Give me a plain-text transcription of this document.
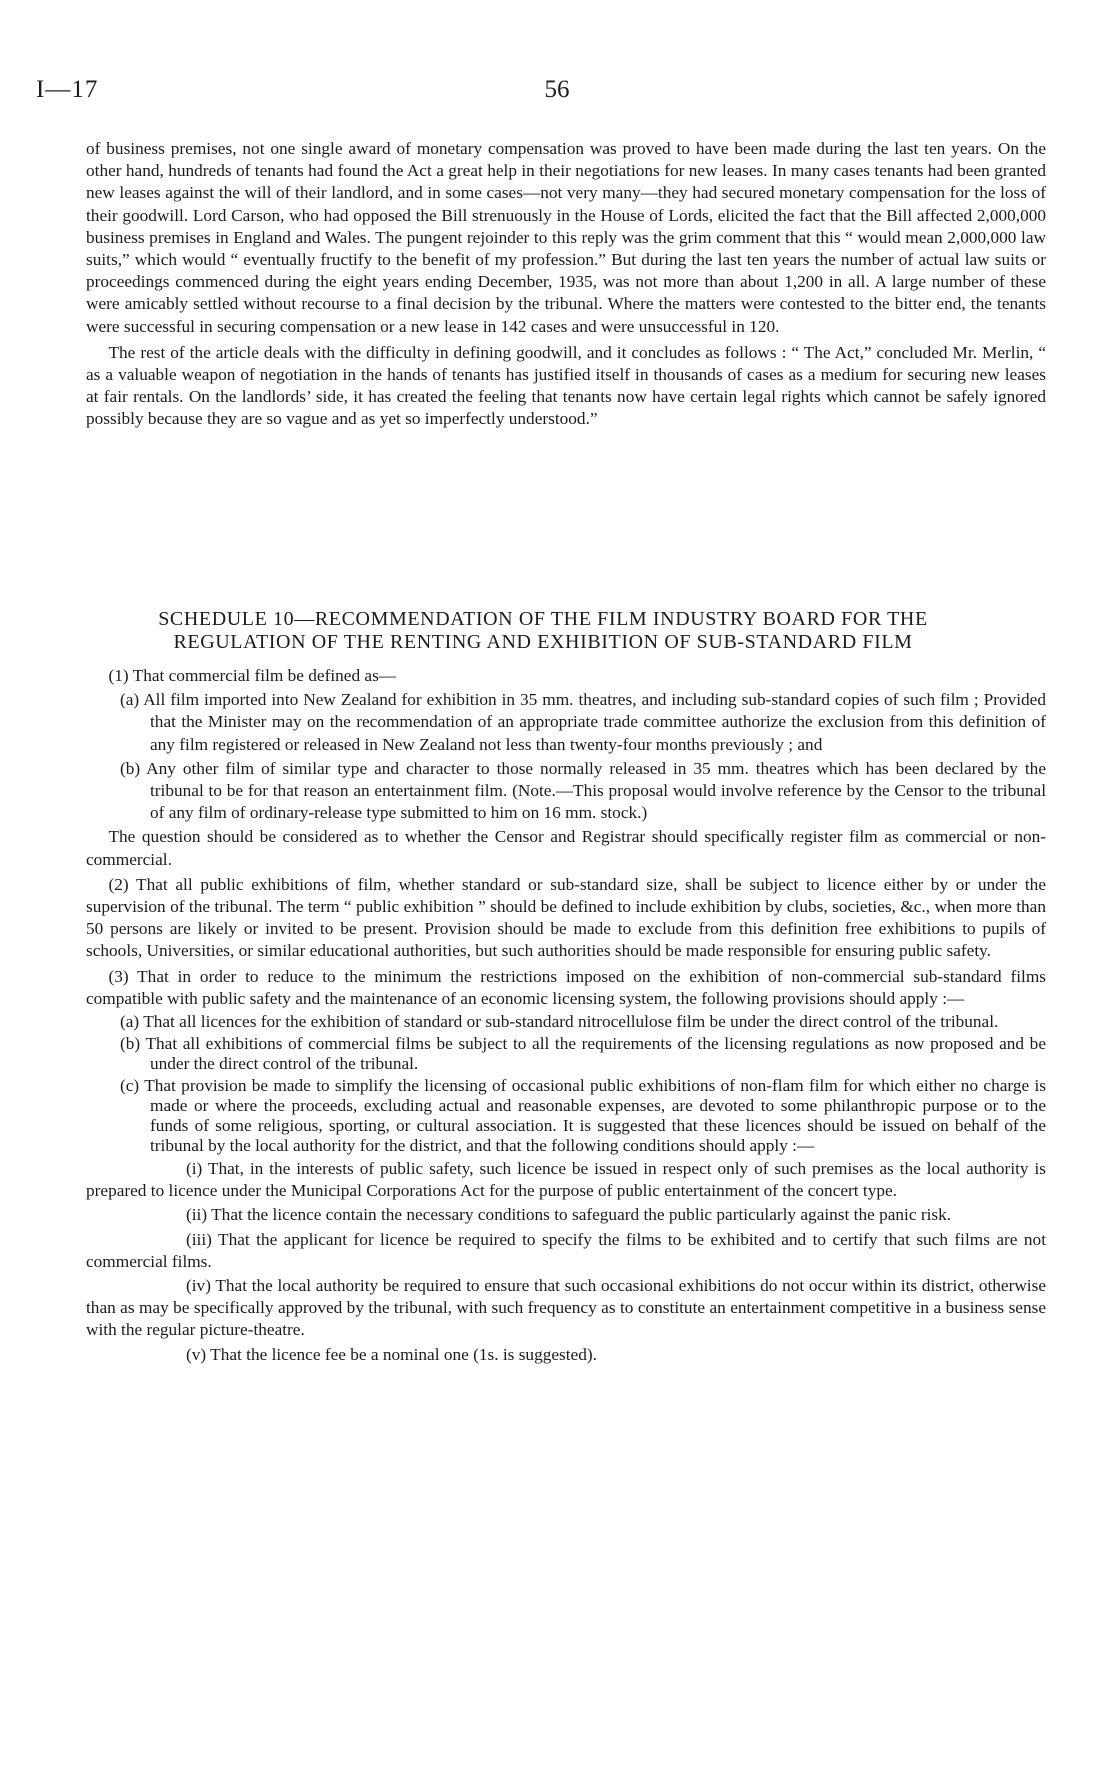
I—17	56

of business premises, not one single award of monetary compensation was proved to have been made during the last ten years. On the other hand, hundreds of tenants had found the Act a great help in their negotiations for new leases. In many cases tenants had been granted new leases against the will of their landlord, and in some cases—not very many—they had secured monetary compensation for the loss of their goodwill. Lord Carson, who had opposed the Bill strenuously in the House of Lords, elicited the fact that the Bill affected 2,000,000 business premises in England and Wales. The pungent rejoinder to this reply was the grim comment that this “ would mean 2,000,000 law suits,” which would “ eventually fructify to the benefit of my profession.” But during the last ten years the number of actual law suits or proceedings commenced during the eight years ending December, 1935, was not more than about 1,200 in all. A large number of these were amicably settled without recourse to a final decision by the tribunal. Where the matters were contested to the bitter end, the tenants were successful in securing compensation or a new lease in 142 cases and were unsuccessful in 120.

The rest of the article deals with the difficulty in defining goodwill, and it concludes as follows : “ The Act,” concluded Mr. Merlin, “ as a valuable weapon of negotiation in the hands of tenants has justified itself in thousands of cases as a medium for securing new leases at fair rentals. On the landlords’ side, it has created the feeling that tenants now have certain legal rights which cannot be safely ignored possibly because they are so vague and as yet so imperfectly understood.”

SCHEDULE 10—RECOMMENDATION OF THE FILM INDUSTRY BOARD FOR THE
REGULATION OF THE RENTING AND EXHIBITION OF SUB-STANDARD FILM

(1) That commercial film be defined as—

(a) All film imported into New Zealand for exhibition in 35 mm. theatres, and including sub-standard copies of such film ; Provided that the Minister may on the recommendation of an appropriate trade committee authorize the exclusion from this definition of any film registered or released in New Zealand not less than twenty-four months previously ; and

(b) Any other film of similar type and character to those normally released in 35 mm. theatres which has been declared by the tribunal to be for that reason an entertainment film. (Note.—This proposal would involve reference by the Censor to the tribunal of any film of ordinary-release type submitted to him on 16 mm. stock.)

The question should be considered as to whether the Censor and Registrar should specifically register film as commercial or non-commercial.

(2) That all public exhibitions of film, whether standard or sub-standard size, shall be subject to licence either by or under the supervision of the tribunal. The term “ public exhibition ” should be defined to include exhibition by clubs, societies, &c., when more than 50 persons are likely or invited to be present. Provision should be made to exclude from this definition free exhibitions to pupils of schools, Universities, or similar educational authorities, but such authorities should be made responsible for ensuring public safety.

(3) That in order to reduce to the minimum the restrictions imposed on the exhibition of non-commercial sub-standard films compatible with public safety and the maintenance of an economic licensing system, the following provisions should apply :—

(a) That all licences for the exhibition of standard or sub-standard nitrocellulose film be under the direct control of the tribunal.

(b) That all exhibitions of commercial films be subject to all the requirements of the licensing regulations as now proposed and be under the direct control of the tribunal.

(c) That provision be made to simplify the licensing of occasional public exhibitions of non-flam film for which either no charge is made or where the proceeds, excluding actual and reasonable expenses, are devoted to some philanthropic purpose or to the funds of some religious, sporting, or cultural association. It is suggested that these licences should be issued on behalf of the tribunal by the local authority for the district, and that the following conditions should apply :—

(i) That, in the interests of public safety, such licence be issued in respect only of such premises as the local authority is prepared to licence under the Municipal Corporations Act for the purpose of public entertainment of the concert type.

(ii) That the licence contain the necessary conditions to safeguard the public particularly against the panic risk.

(iii) That the applicant for licence be required to specify the films to be exhibited and to certify that such films are not commercial films.

(iv) That the local authority be required to ensure that such occasional exhibitions do not occur within its district, otherwise than as may be specifically approved by the tribunal, with such frequency as to constitute an entertainment competitive in a business sense with the regular picture-theatre.

(v) That the licence fee be a nominal one (1s. is suggested).
